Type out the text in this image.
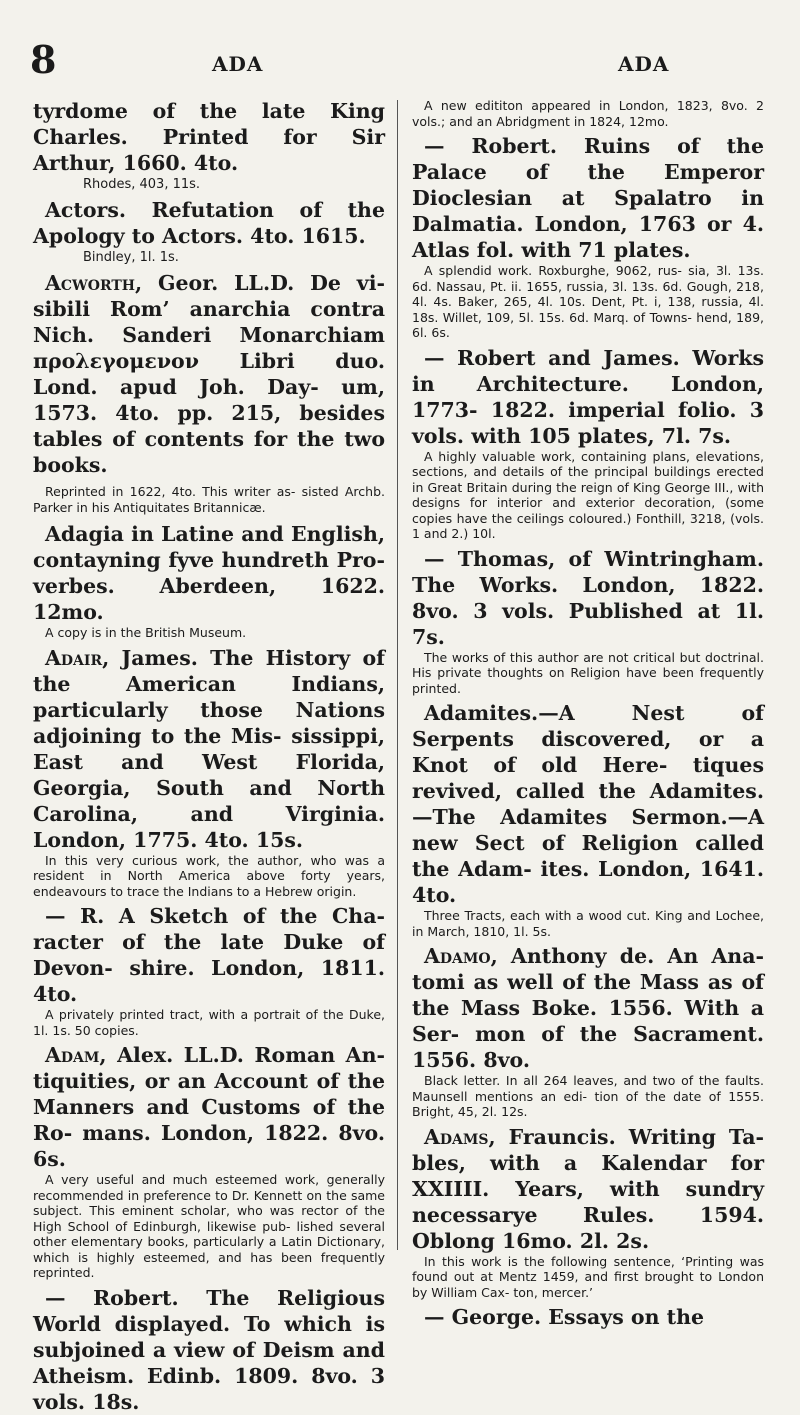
8	ADA	ADA

tyrdome of the late King Charles. Printed for Sir Arthur, 1660. 4to.

Rhodes, 403, 11s.

Actors. Refutation of the Apology to Actors. 4to. 1615.

Bindley, 1l. 1s.

Acworth, Geor. LL.D. De vi- sibili Rom’ anarchia contra Nich. Sanderi Monarchiam προλεγομενον Libri duo. Lond. apud Joh. Day- um, 1573. 4to. pp. 215, besides tables of contents for the two books.

Reprinted in 1622, 4to. This writer as- sisted Archb. Parker in his Antiquitates Britannicæ.

Adagia in Latine and English, contayning fyve hundreth Pro- verbes. Aberdeen, 1622. 12mo.

A copy is in the British Museum.

Adair, James. The History of the American Indians, particularly those Nations adjoining to the Mis- sissippi, East and West Florida, Georgia, South and North Carolina, and Virginia. London, 1775. 4to. 15s.

In this very curious work, the author, who was a resident in North America above forty years, endeavours to trace the Indians to a Hebrew origin.

— R. A Sketch of the Cha- racter of the late Duke of Devon- shire. London, 1811. 4to.

A privately printed tract, with a portrait of the Duke, 1l. 1s. 50 copies.

Adam, Alex. LL.D. Roman An- tiquities, or an Account of the Manners and Customs of the Ro- mans. London, 1822. 8vo. 6s.

A very useful and much esteemed work, generally recommended in preference to Dr. Kennett on the same subject. This eminent scholar, who was rector of the High School of Edinburgh, likewise pub- lished several other elementary books, particularly a Latin Dictionary, which is highly esteemed, and has been frequently reprinted.

— Robert. The Religious World displayed. To which is subjoined a view of Deism and Atheism. Edinb. 1809. 8vo. 3 vols. 18s.

A new edititon appeared in London, 1823, 8vo. 2 vols.; and an Abridgment in 1824, 12mo.

— Robert. Ruins of the Palace of the Emperor Dioclesian at Spalatro in Dalmatia. London, 1763 or 4. Atlas fol. with 71 plates.

A splendid work. Roxburghe, 9062, rus- sia, 3l. 13s. 6d. Nassau, Pt. ii. 1655, russia, 3l. 13s. 6d. Gough, 218, 4l. 4s. Baker, 265, 4l. 10s. Dent, Pt. i, 138, russia, 4l. 18s. Willet, 109, 5l. 15s. 6d. Marq. of Towns- hend, 189, 6l. 6s.

— Robert and James. Works in Architecture. London, 1773- 1822. imperial folio. 3 vols. with 105 plates, 7l. 7s.

A highly valuable work, containing plans, elevations, sections, and details of the principal buildings erected in Great Britain during the reign of King George III., with designs for interior and exterior decoration, (some copies have the ceilings coloured.) Fonthill, 3218, (vols. 1 and 2.) 10l.

— Thomas, of Wintringham. The Works. London, 1822. 8vo. 3 vols. Published at 1l. 7s.

The works of this author are not critical but doctrinal. His private thoughts on Religion have been frequently printed.

Adamites.—A Nest of Serpents discovered, or a Knot of old Here- tiques revived, called the Adamites. —The Adamites Sermon.—A new Sect of Religion called the Adam- ites. London, 1641. 4to.

Three Tracts, each with a wood cut. King and Lochee, in March, 1810, 1l. 5s.

Adamo, Anthony de. An Ana- tomi as well of the Mass as of the Mass Boke. 1556. With a Ser- mon of the Sacrament. 1556. 8vo.

Black letter. In all 264 leaves, and two of the faults. Maunsell mentions an edi- tion of the date of 1555. Bright, 45, 2l. 12s.

Adams, Frauncis. Writing Ta- bles, with a Kalendar for XXIIII. Years, with sundry necessarye Rules. 1594. Oblong 16mo. 2l. 2s.

In this work is the following sentence, ‘Printing was found out at Mentz 1459, and first brought to London by William Cax- ton, mercer.’

— George. Essays on the
